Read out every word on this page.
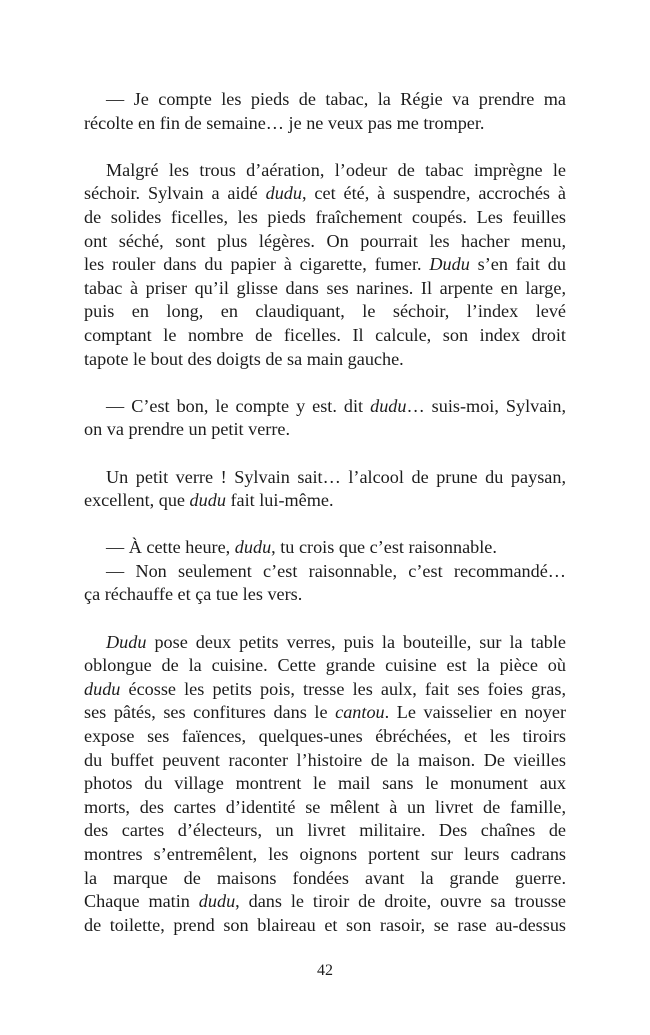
— Je compte les pieds de tabac, la Régie va prendre ma
récolte en fin de semaine… je ne veux pas me tromper.
Malgré les trous d’aération, l’odeur de tabac imprègne le
séchoir. Sylvain a aidé dudu, cet été, à suspendre, accrochés à
de solides ficelles, les pieds fraîchement coupés. Les feuilles
ont séché, sont plus légères. On pourrait les hacher menu,
les rouler dans du papier à cigarette, fumer. Dudu s’en fait du
tabac à priser qu’il glisse dans ses narines. Il arpente en large,
puis en long, en claudiquant, le séchoir, l’index levé
comptant le nombre de ficelles. Il calcule, son index droit
tapote le bout des doigts de sa main gauche.
— C’est bon, le compte y est. dit dudu… suis-moi, Sylvain,
on va prendre un petit verre.
Un petit verre ! Sylvain sait… l’alcool de prune du paysan,
excellent, que dudu fait lui-même.
— À cette heure, dudu, tu crois que c’est raisonnable.
— Non seulement c’est raisonnable, c’est recommandé…
ça réchauffe et ça tue les vers.
Dudu pose deux petits verres, puis la bouteille, sur la table
oblongue de la cuisine. Cette grande cuisine est la pièce où
dudu écosse les petits pois, tresse les aulx, fait ses foies gras,
ses pâtés, ses confitures dans le cantou. Le vaisselier en noyer
expose ses faïences, quelques-unes ébréchées, et les tiroirs
du buffet peuvent raconter l’histoire de la maison. De vieilles
photos du village montrent le mail sans le monument aux
morts, des cartes d’identité se mêlent à un livret de famille,
des cartes d’électeurs, un livret militaire. Des chaînes de
montres s’entremêlent, les oignons portent sur leurs cadrans
la marque de maisons fondées avant la grande guerre.
Chaque matin dudu, dans le tiroir de droite, ouvre sa trousse
de toilette, prend son blaireau et son rasoir, se rase au-dessus
42
